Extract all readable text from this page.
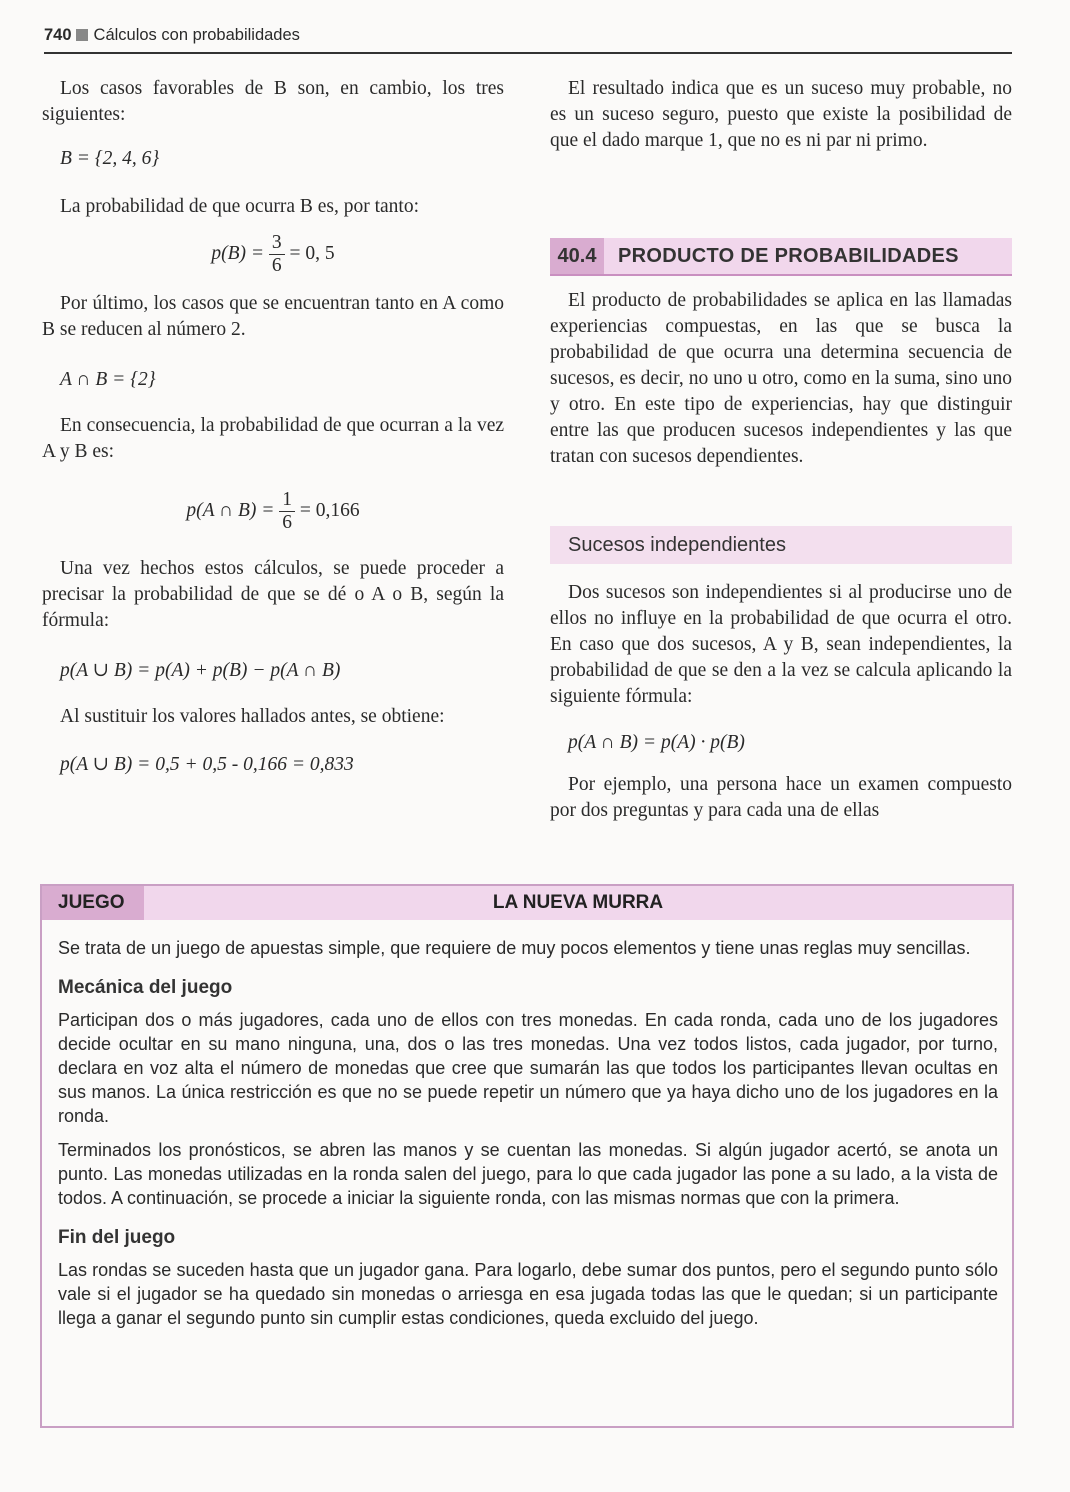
740 Cálculos con probabilidades

Los casos favorables de B son, en cambio, los tres siguientes:

B = {2, 4, 6}

La probabilidad de que ocurra B es, por tanto:

$p(B) = \frac{3}{6} = 0$, 5

Por último, los casos que se encuentran tanto en A como B se reducen al número 2.

A ∩ B = {2}

En consecuencia, la probabilidad de que ocurran a la vez A y B es:

p(A ∩ $B) = \frac{1}{6} = 0,166$

Una vez hechos estos cálculos, se puede proceder a precisar la probabilidad de que se dé o A o B, según la fórmula:

p(A ∪ B) = p(A) + p(B) − p(A ∩ B)

Al sustituir los valores hallados antes, se obtiene:

p(A ∪ B) = 0,5 + 0,5 - 0,166 = 0,833

El resultado indica que es un suceso muy probable, no es un suceso seguro, puesto que existe la posibilidad de que el dado marque 1, que no es ni par ni primo.

40.4	PRODUCTO DE PROBABILIDADES

El producto de probabilidades se aplica en las llamadas experiencias compuestas, en las que se busca la probabilidad de que ocurra una determina secuencia de sucesos, es decir, no uno u otro, como en la suma, sino uno y otro. En este tipo de experiencias, hay que distinguir entre las que producen sucesos independientes y las que tratan con sucesos dependientes.

Sucesos independientes

Dos sucesos son independientes si al producirse uno de ellos no influye en la probabilidad de que ocurra el otro. En caso que dos sucesos, A y B, sean independientes, la probabilidad de que se den a la vez se calcula aplicando la siguiente fórmula:

p(A ∩ B) = p(A) · p(B)

Por ejemplo, una persona hace un examen compuesto por dos preguntas y para cada una de ellas

JUEGO	LA NUEVA MURRA

Se trata de un juego de apuestas simple, que requiere de muy pocos elementos y tiene unas reglas muy sencillas.

Mecánica del juego

Participan dos o más jugadores, cada uno de ellos con tres monedas. En cada ronda, cada uno de los jugadores decide ocultar en su mano ninguna, una, dos o las tres monedas. Una vez todos listos, cada jugador, por turno, declara en voz alta el número de monedas que cree que sumarán las que todos los participantes llevan ocultas en sus manos. La única restricción es que no se puede repetir un número que ya haya dicho uno de los jugadores en la ronda.

Terminados los pronósticos, se abren las manos y se cuentan las monedas. Si algún jugador acertó, se anota un punto. Las monedas utilizadas en la ronda salen del juego, para lo que cada jugador las pone a su lado, a la vista de todos. A continuación, se procede a iniciar la siguiente ronda, con las mismas normas que con la primera.

Fin del juego

Las rondas se suceden hasta que un jugador gana. Para logarlo, debe sumar dos puntos, pero el segundo punto sólo vale si el jugador se ha quedado sin monedas o arriesga en esa jugada todas las que le quedan; si un participante llega a ganar el segundo punto sin cumplir estas condiciones, queda excluido del juego.
